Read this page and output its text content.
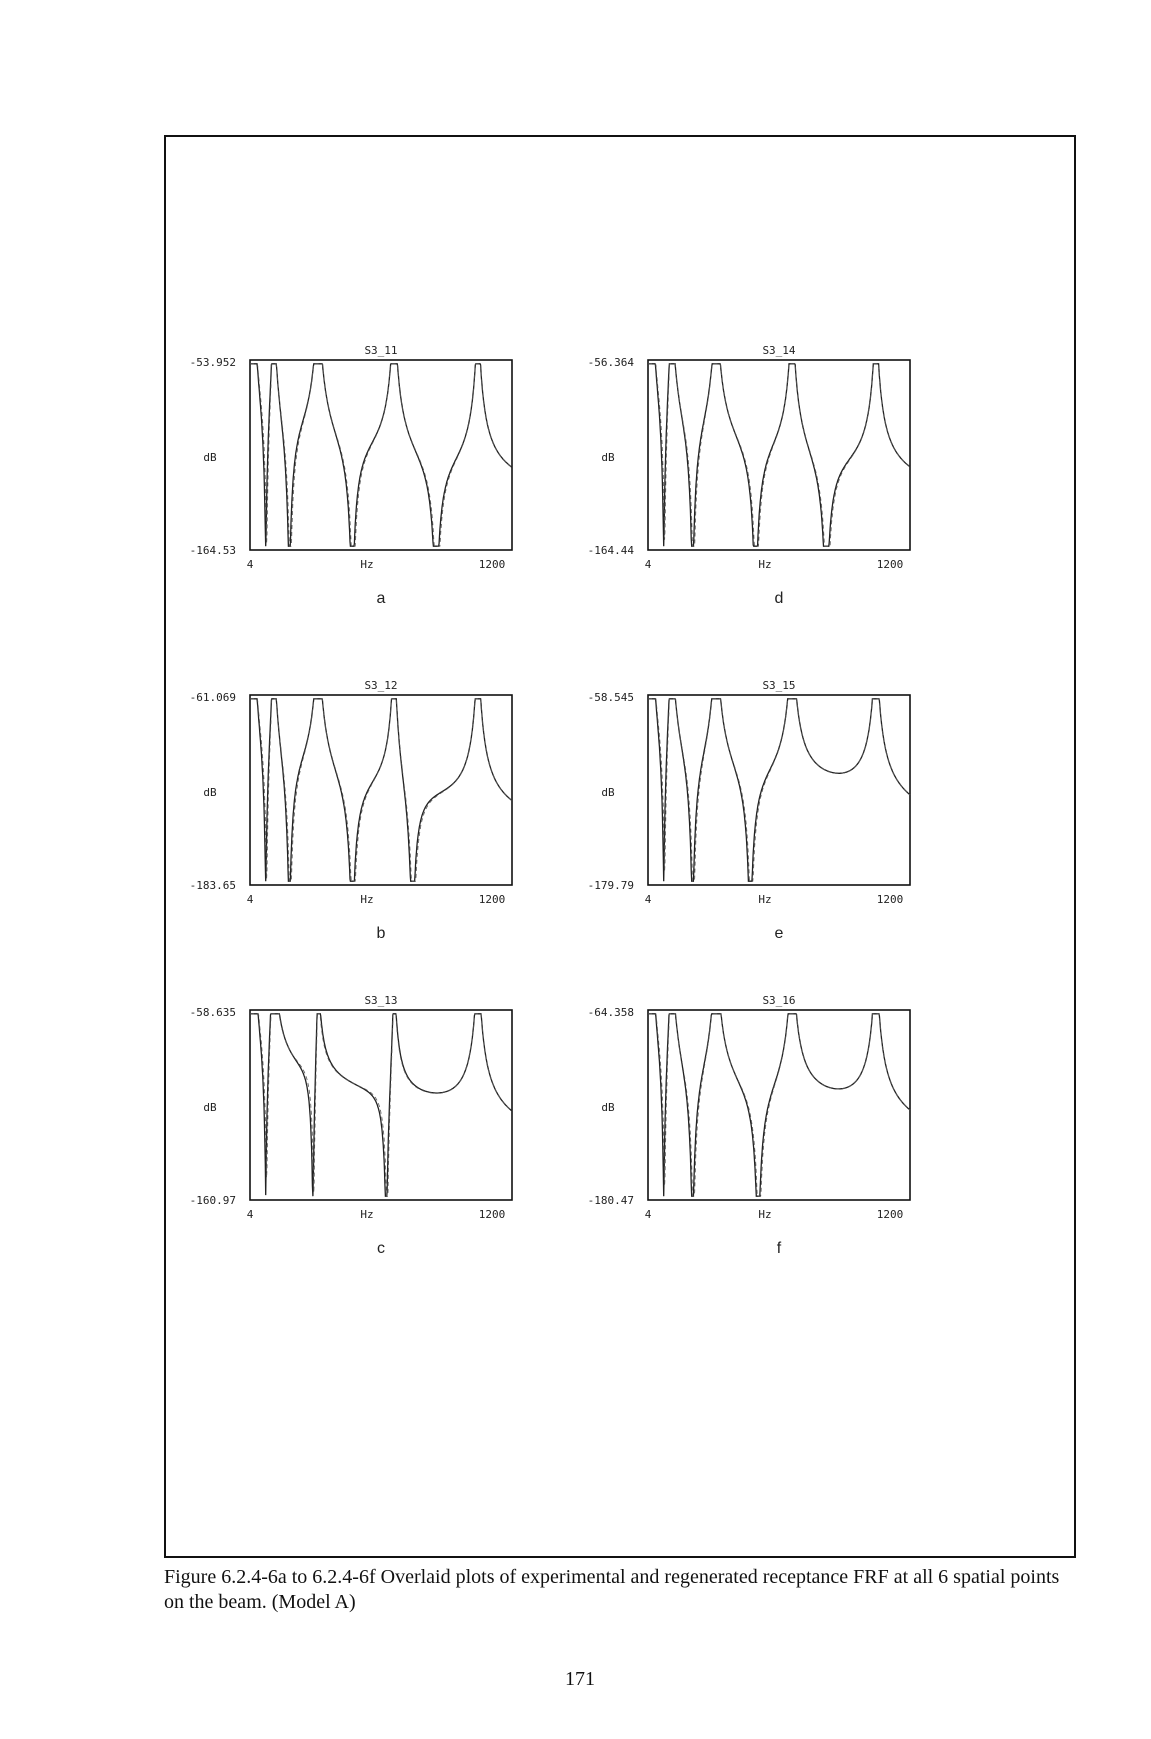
S3_11
-53.952
-164.53
dB
4	Hz	1200
a
S3_12
-61.069
-183.65
dB
4	Hz	1200
b
S3_13
-58.635
-160.97
dB
4	Hz	1200
c
S3_14
-56.364
-164.44
dB
4	Hz	1200
d
S3_15
-58.545
-179.79
dB
4	Hz	1200
e
S3_16
-64.358
-180.47
dB
4	Hz	1200
f
Figure 6.2.4-6a to 6.2.4-6f Overlaid plots of experimental and regenerated receptance FRF at all 6 spatial points on the beam. (Model A)
171
